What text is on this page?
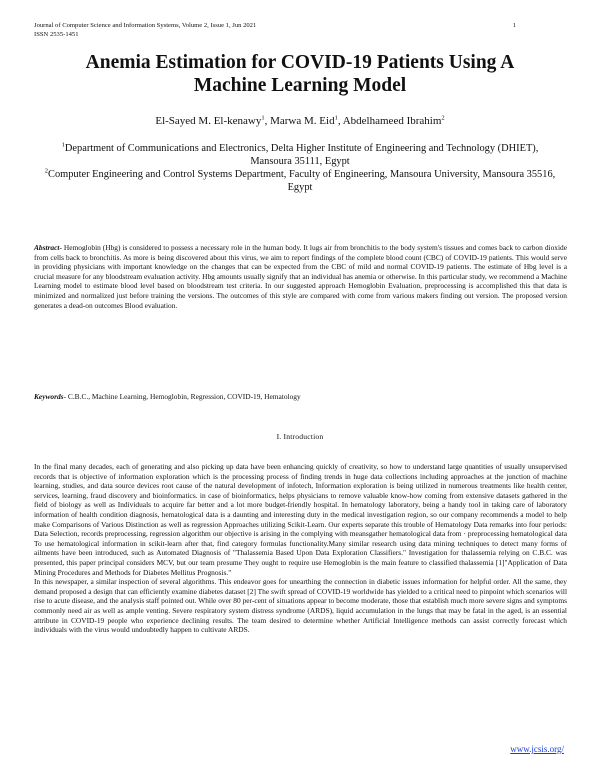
Journal of Computer Science and Information Systems, Volume 2, Issue 1, Jun 2021
ISSN 2535-1451
1
Anemia Estimation for COVID-19 Patients Using A
Machine Learning Model
El-Sayed M. El-kenawy$^1$, Marwa M. Eid$^1$, Abdelhameed Ibrahim$^2$

$^1$Department of Communications and Electronics, Delta Higher Institute of Engineering and Technology (DHIET), Mansoura 35111, Egypt

$^2$Computer Engineering and Control Systems Department, Faculty of Engineering, Mansoura University, Mansoura 35516, Egypt

Abstract- Hemoglobin (Hbg) is considered to possess a necessary role in the human body. It lugs air from bronchitis to the body system's tissues and comes back to carbon dioxide from cells back to bronchitis. As more is being discovered about this virus, we aim to report findings of the complete blood count (CBC) of COVID-19 patients. This would serve in providing physicians with important knowledge on the changes that can be expected from the CBC of mild and normal COVID-19 patients. The estimate of Hbg level is a crucial measure for any bloodstream evaluation activity. Hbg amounts usually signify that an individual has anemia or otherwise. In this particular study, we recommend a Machine Learning model to estimate blood level based on bloodstream test criteria. In our suggested approach Hemoglobin Evaluation, preprocessing is accomplished this that data is minimized and normalized just before training the versions. The outcomes of this style are compared with come from various makers finding out version. The proposed version generates a dead-on outcomes Blood evaluation.
Keywords- C.B.C., Machine Learning, Hemoglobin, Regression, COVID-19, Hematology
I. Introduction

In the final many decades, each of generating and also picking up data have been enhancing quickly of creativity, so how to understand large quantities of usually unsupervised records that is objective of information exploration which is the processing process of finding trends in huge data collections including approaches at the junction of machine learning, studies, and data source devices root cause of the natural development of infotech, Information exploration is being utilized in numerous treatments like health center, services, learning, fraud discovery and bioinformatics. in case of bioinformatics, helps physicians to remove valuable know-how coming from extensive datasets gathered in the field of biology as well as Individuals to acquire far better and a lot more budget-friendly hospital. In hematology laboratory, being a handy tool in taking care of laboratory information of health condition diagnosis, hematological data is a daunting and interesting duty in the medical investigation region, so our company recommends a model to help make Comparisons of Various Distinction as well as regression Approaches utilizing Scikit-Learn. Our experts separate this trouble of Hematology Data remarks into four periods: Data Selection, records preprocessing, regression algorithm our objective is arising in the complying with meansgather hematological data from · preprocessing hematological data To use hematological information in scikit-learn after that, find category formulas functionality.Many similar research using data mining techniques to detect many forms of ailments have been introduced, such as Automated Diagnosis of "Thalassemia Based Upon Data Exploration Classifiers." Investigation for thalassemia relying on C.B.C. was presented, this paper principal considers MCV, but our team presume They ought to require use Hemoglobin is the main feature to classified thalassemia [1]"Application of Data Mining Procedures and Methods for Diabetes Mellitus Prognosis."

In this newspaper, a similar inspection of several algorithms. This endeavor goes for unearthing the connection in diabetic issues information for helpful order. All the same, they demand proposed a design that can efficiently examine diabetes dataset [2] The swift spread of COVID-19 worldwide has yielded to a critical need to pinpoint which scenarios will rise to acute disease, and the analysis staff pointed out. While over 80 per-cent of situations appear to become moderate, those that establish much more severe signs and symptoms commonly need air as well as ample venting. Severe respiratory system distress syndrome (ARDS), liquid accumulation in the lungs that may be fatal in the aged, is an essential attribute in COVID-19 people who experience declining results. The team desired to determine whether Artificial Intelligence methods can assist correctly forecast which individuals with the virus would undoubtedly happen to cultivate ARDS.

www.jcsis.org/
